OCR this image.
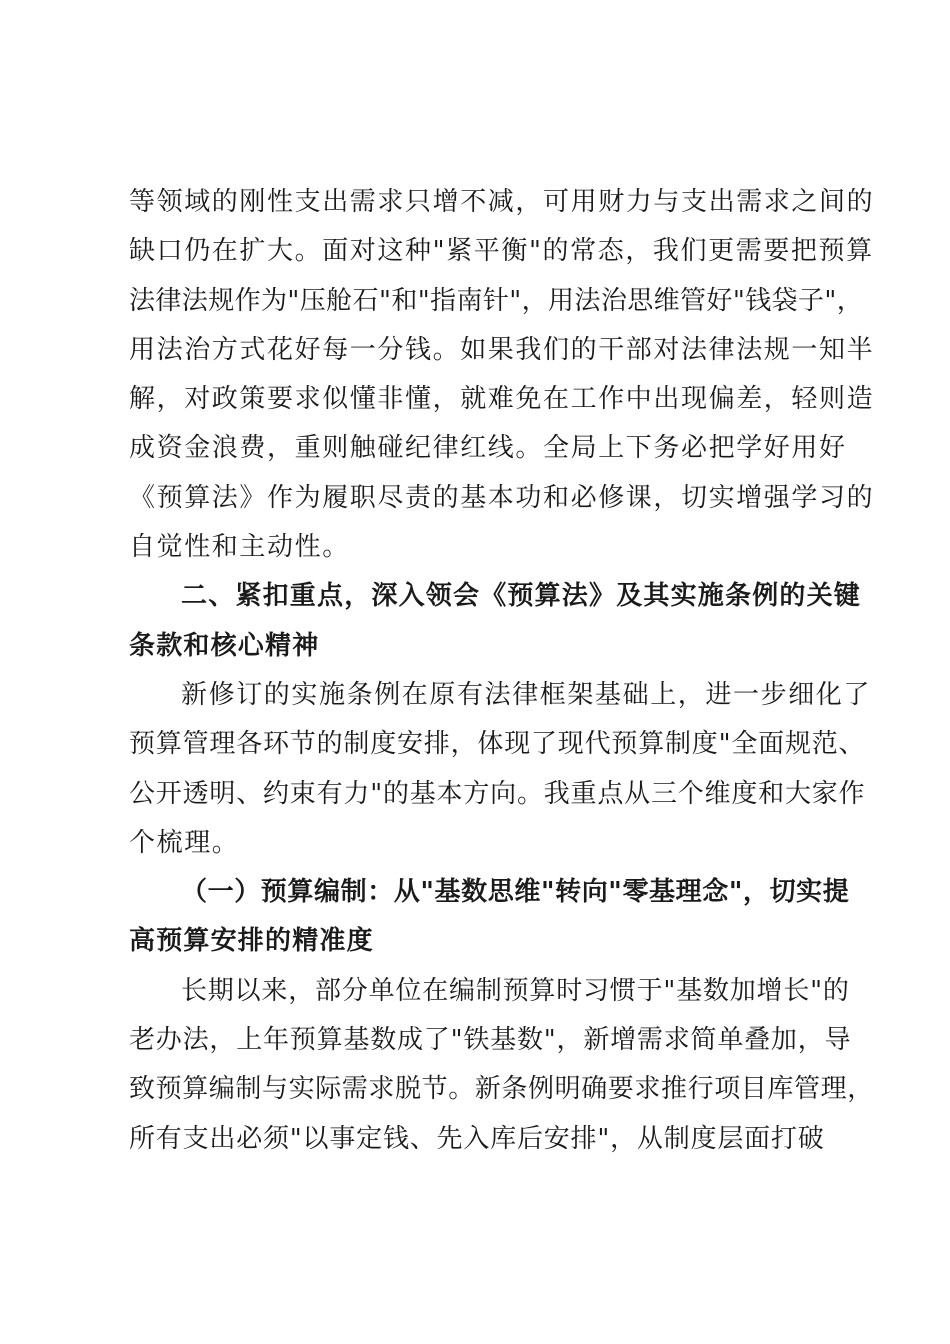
等领域的刚性支出需求只增不减，可用财力与支出需求之间的
缺口仍在扩大。面对这种"紧平衡"的常态，我们更需要把预算
法律法规作为"压舱石"和"指南针"，用法治思维管好"钱袋子"，
用法治方式花好每一分钱。如果我们的干部对法律法规一知半
解，对政策要求似懂非懂，就难免在工作中出现偏差，轻则造
成资金浪费，重则触碰纪律红线。全局上下务必把学好用好
《预算法》作为履职尽责的基本功和必修课，切实增强学习的
自觉性和主动性。
二、紧扣重点，深入领会《预算法》及其实施条例的关键
条款和核心精神
新修订的实施条例在原有法律框架基础上，进一步细化了
预算管理各环节的制度安排，体现了现代预算制度"全面规范、
公开透明、约束有力"的基本方向。我重点从三个维度和大家作
个梳理。
（一）预算编制：从"基数思维"转向"零基理念"，切实提
高预算安排的精准度
长期以来，部分单位在编制预算时习惯于"基数加增长"的
老办法，上年预算基数成了"铁基数"，新增需求简单叠加，导
致预算编制与实际需求脱节。新条例明确要求推行项目库管理，
所有支出必须"以事定钱、先入库后安排"，从制度层面打破
